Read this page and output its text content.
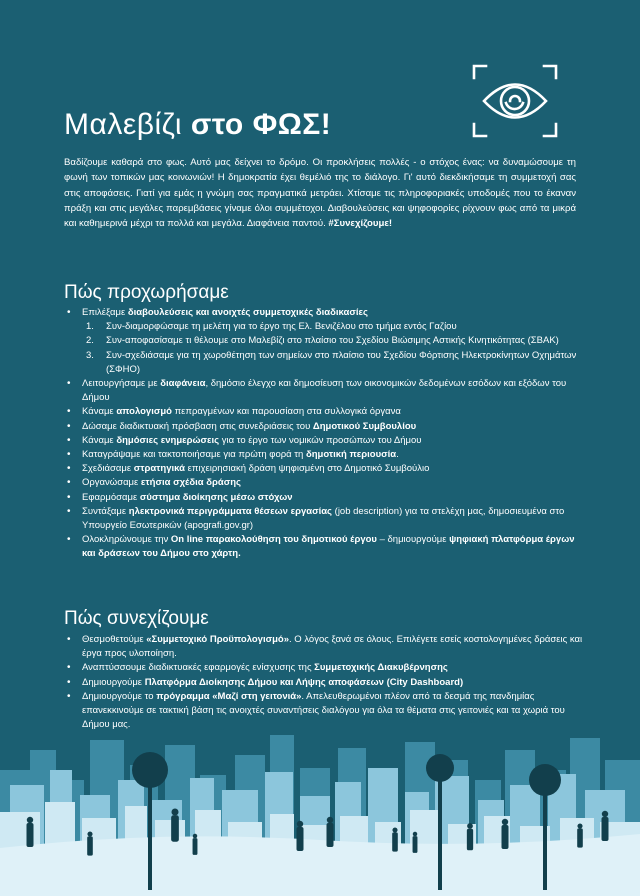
Μαλεβίζι στο ΦΩΣ!

Βαδίζουμε καθαρά στο φως. Αυτό μας δείχνει το δρόμο. Οι προκλήσεις πολλές - ο στόχος ένας: να δυναμώσουμε τη φωνή των τοπικών μας κοινωνιών! Η δημοκρατία έχει θεμέλιό της το διάλογο. Γι' αυτό διεκδικήσαμε τη συμμετοχή σας στις αποφάσεις. Γιατί για εμάς η γνώμη σας πραγματικά μετράει. Χτίσαμε τις πληροφοριακές υποδομές που το έκαναν πράξη και στις μεγάλες παρεμβάσεις γίναμε όλοι συμμέτοχοι. Διαβουλεύσεις και ψηφοφορίες ρίχνουν φως από τα μικρά και καθημερινά μέχρι τα πολλά και μεγάλα. Διαφάνεια παντού. #Συνεχίζουμε!

Πώς προχωρήσαμε
• Επιλέξαμε διαβουλεύσεις και ανοιχτές συμμετοχικές διαδικασίες
1. Συν-διαμορφώσαμε τη μελέτη για το έργο της Ελ. Βενιζέλου στο τμήμα εντός Γαζίου
2. Συν-αποφασίσαμε τι θέλουμε στο Μαλεβίζι στο πλαίσιο του Σχεδίου Βιώσιμης Αστικής Κινητικότητας (ΣΒΑΚ)
3. Συν-σχεδιάσαμε για τη χωροθέτηση των σημείων στο πλαίσιο του Σχεδίου Φόρτισης Ηλεκτροκίνητων Οχημάτων (ΣΦΗΟ)
• Λειτουργήσαμε με διαφάνεια, δημόσιο έλεγχο και δημοσίευση των οικονομικών δεδομένων εσόδων και εξόδων του Δήμου
• Κάναμε απολογισμό πεπραγμένων και παρουσίαση στα συλλογικά όργανα
• Δώσαμε διαδικτυακή πρόσβαση στις συνεδριάσεις του Δημοτικού Συμβουλίου
• Κάναμε δημόσιες ενημερώσεις για το έργο των νομικών προσώπων του Δήμου
• Καταγράψαμε και τακτοποιήσαμε για πρώτη φορά τη δημοτική περιουσία.
• Σχεδιάσαμε στρατηγικά επιχειρησιακή δράση ψηφισμένη στο Δημοτικό Συμβούλιο
• Οργανώσαμε ετήσια σχέδια δράσης
• Εφαρμόσαμε σύστημα διοίκησης μέσω στόχων
• Συντάξαμε ηλεκτρονικά περιγράμματα θέσεων εργασίας (job description) για τα στελέχη μας, δημοσιευμένα στο Υπουργείο Εσωτερικών (apografi.gov.gr)
• Ολοκληρώνουμε την On line παρακολούθηση του δημοτικού έργου – δημιουργούμε ψηφιακή πλατφόρμα έργων και δράσεων του Δήμου στο χάρτη.
Πώς συνεχίζουμε
• Θεσμοθετούμε «Συμμετοχικό Προϋπολογισμό». Ο λόγος ξανά σε όλους. Επιλέγετε εσείς κοστολογημένες δράσεις και έργα προς υλοποίηση.
• Αναπτύσσουμε διαδικτυακές εφαρμογές ενίσχυσης της Συμμετοχικής Διακυβέρνησης
• Δημιουργούμε Πλατφόρμα Διοίκησης Δήμου και Λήψης αποφάσεων (City Dashboard)
• Δημιουργούμε το πρόγραμμα «Μαζί στη γειτονιά». Απελευθερωμένοι πλέον από τα δεσμά της πανδημίας επανεκκινούμε σε τακτική βάση τις ανοιχτές συναντήσεις διαλόγου για όλα τα θέματα στις γειτονιές και τα χωριά του Δήμου μας.
